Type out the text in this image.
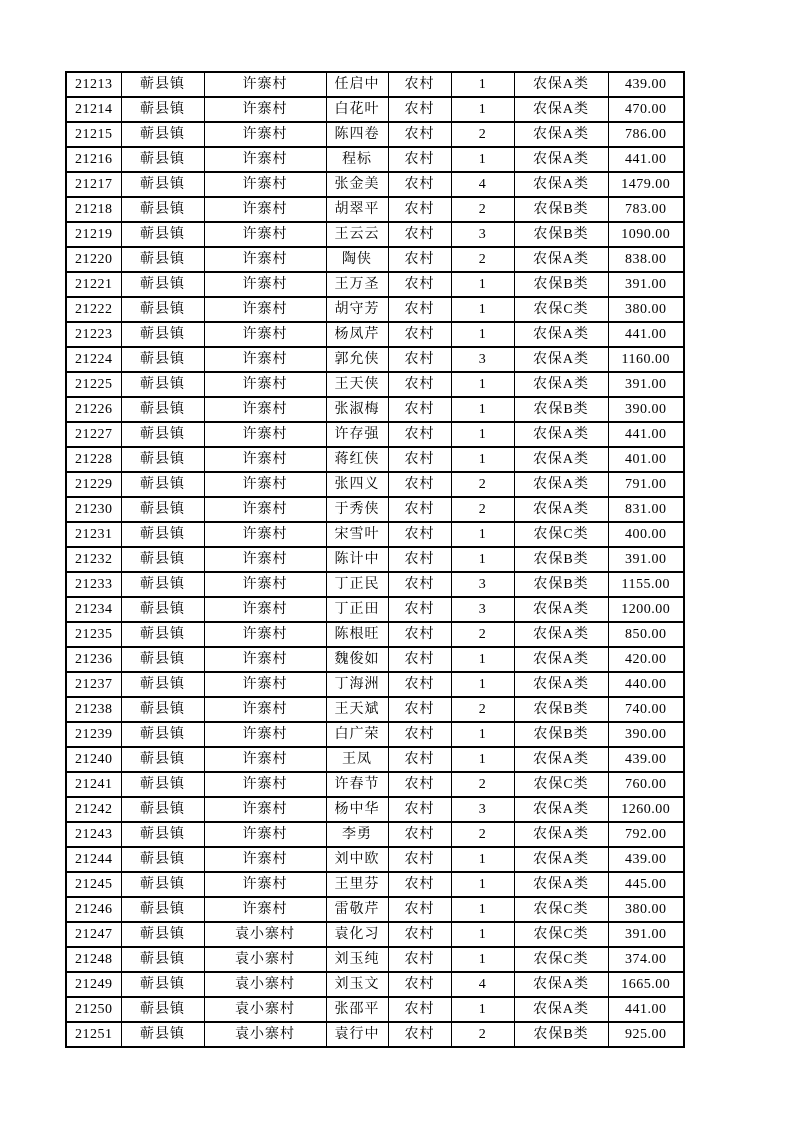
21213	蕲县镇	许寨村	任启中	农村	1	农保A类	439.00
21214	蕲县镇	许寨村	白花叶	农村	1	农保A类	470.00
21215	蕲县镇	许寨村	陈四卷	农村	2	农保A类	786.00
21216	蕲县镇	许寨村	程标	农村	1	农保A类	441.00
21217	蕲县镇	许寨村	张金美	农村	4	农保A类	1479.00
21218	蕲县镇	许寨村	胡翠平	农村	2	农保B类	783.00
21219	蕲县镇	许寨村	王云云	农村	3	农保B类	1090.00
21220	蕲县镇	许寨村	陶侠	农村	2	农保A类	838.00
21221	蕲县镇	许寨村	王万圣	农村	1	农保B类	391.00
21222	蕲县镇	许寨村	胡守芳	农村	1	农保C类	380.00
21223	蕲县镇	许寨村	杨凤芹	农村	1	农保A类	441.00
21224	蕲县镇	许寨村	郭允侠	农村	3	农保A类	1160.00
21225	蕲县镇	许寨村	王天侠	农村	1	农保A类	391.00
21226	蕲县镇	许寨村	张淑梅	农村	1	农保B类	390.00
21227	蕲县镇	许寨村	许存强	农村	1	农保A类	441.00
21228	蕲县镇	许寨村	蒋红侠	农村	1	农保A类	401.00
21229	蕲县镇	许寨村	张四义	农村	2	农保A类	791.00
21230	蕲县镇	许寨村	于秀侠	农村	2	农保A类	831.00
21231	蕲县镇	许寨村	宋雪叶	农村	1	农保C类	400.00
21232	蕲县镇	许寨村	陈计中	农村	1	农保B类	391.00
21233	蕲县镇	许寨村	丁正民	农村	3	农保B类	1155.00
21234	蕲县镇	许寨村	丁正田	农村	3	农保A类	1200.00
21235	蕲县镇	许寨村	陈根旺	农村	2	农保A类	850.00
21236	蕲县镇	许寨村	魏俊如	农村	1	农保A类	420.00
21237	蕲县镇	许寨村	丁海洲	农村	1	农保A类	440.00
21238	蕲县镇	许寨村	王天斌	农村	2	农保B类	740.00
21239	蕲县镇	许寨村	白广荣	农村	1	农保B类	390.00
21240	蕲县镇	许寨村	王凤	农村	1	农保A类	439.00
21241	蕲县镇	许寨村	许春节	农村	2	农保C类	760.00
21242	蕲县镇	许寨村	杨中华	农村	3	农保A类	1260.00
21243	蕲县镇	许寨村	李勇	农村	2	农保A类	792.00
21244	蕲县镇	许寨村	刘中欧	农村	1	农保A类	439.00
21245	蕲县镇	许寨村	王里芬	农村	1	农保A类	445.00
21246	蕲县镇	许寨村	雷敬芹	农村	1	农保C类	380.00
21247	蕲县镇	袁小寨村	袁化习	农村	1	农保C类	391.00
21248	蕲县镇	袁小寨村	刘玉纯	农村	1	农保C类	374.00
21249	蕲县镇	袁小寨村	刘玉文	农村	4	农保A类	1665.00
21250	蕲县镇	袁小寨村	张邵平	农村	1	农保A类	441.00
21251	蕲县镇	袁小寨村	袁行中	农村	2	农保B类	925.00
